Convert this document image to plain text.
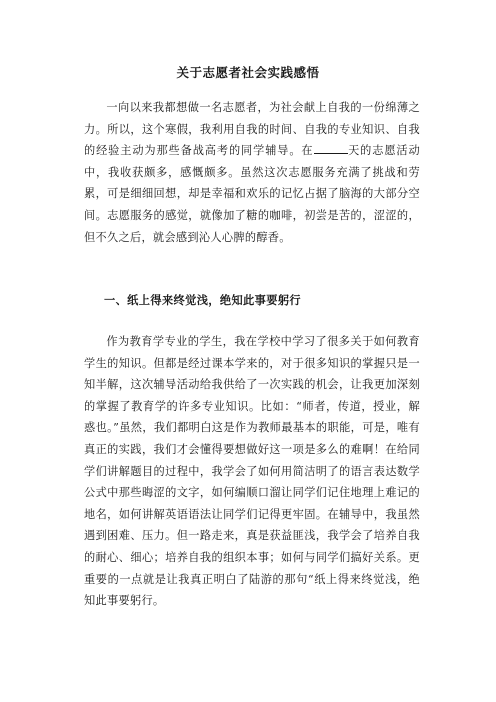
关于志愿者社会实践感悟

一向以来我都想做一名志愿者，为社会献上自我的一份绵薄之力。所以，这个寒假，我利用自我的时间、自我的专业知识、自我的经验主动为那些备战高考的同学辅导。在	天的志愿活动中，我收获颇多，感慨颇多。虽然这次志愿服务充满了挑战和劳累，可是细细回想，却是幸福和欢乐的记忆占据了脑海的大部分空间。志愿服务的感觉，就像加了糖的咖啡，初尝是苦的，涩涩的，但不久之后，就会感到沁人心脾的醇香。

一、纸上得来终觉浅，绝知此事要躬行

作为教育学专业的学生，我在学校中学习了很多关于如何教育学生的知识。但都是经过课本学来的，对于很多知识的掌握只是一知半解，这次辅导活动给我供给了一次实践的机会，让我更加深刻的掌握了教育学的许多专业知识。比如：“师者，传道，授业，解惑也。”虽然，我们都明白这是作为教师最基本的职能，可是，唯有真正的实践，我们才会懂得要想做好这一项是多么的难啊！在给同学们讲解题目的过程中，我学会了如何用简洁明了的语言表达数学公式中那些晦涩的文字，如何编顺口溜让同学们记住地理上难记的地名，如何讲解英语语法让同学们记得更牢固。在辅导中，我虽然遇到困难、压力。但一路走来，真是获益匪浅，我学会了培养自我的耐心、细心；培养自我的组织本事；如何与同学们搞好关系。更重要的一点就是让我真正明白了陆游的那句“纸上得来终觉浅，绝知此事要躬行。
